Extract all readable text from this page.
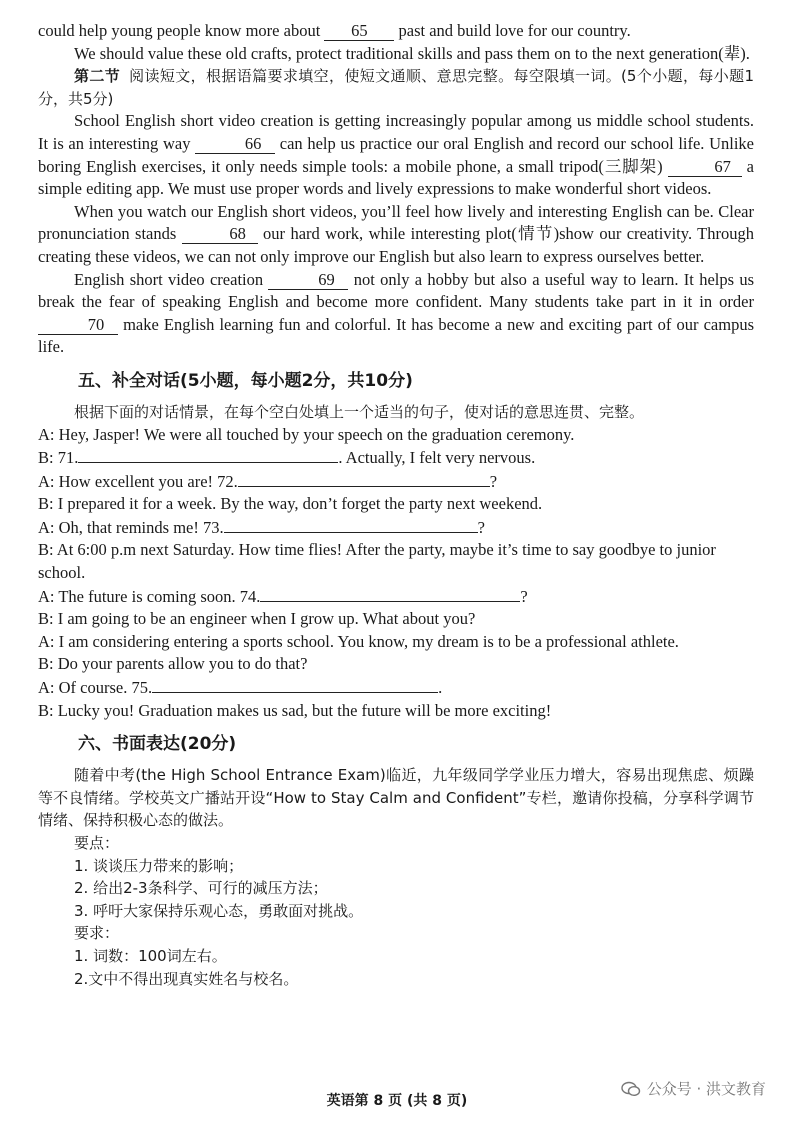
could help young people know more about 65 past and build love for our country.

We should value these old crafts, protect traditional skills and pass them on to the next generation(辈).

第二节 阅读短文，根据语篇要求填空，使短文通顺、意思完整。每空限填一词。(5个小题，每小题1分，共5分)

School English short video creation is getting increasingly popular among us middle school students. It is an interesting way	66 can help us practice our oral English and record our school life. Unlike boring English exercises, it only needs simple tools: a mobile phone, a small tripod(三脚架)	67 a simple editing app. We must use proper words and lively expressions to make wonderful short videos.

When you watch our English short videos, you’ll feel how lively and interesting English can be. Clear pronunciation stands	68 our hard work, while interesting plot(情节)show our creativity. Through creating these videos, we can not only improve our English but also learn to express ourselves better.

English short video creation	69 not only a hobby but also a useful way to learn. It helps us break the fear of speaking English and become more confident. Many students take part in it in order 70 make English learning fun and colorful. It has become a new and exciting part of our campus life.

五、补全对话(5小题，每小题2分，共10分)

根据下面的对话情景，在每个空白处填上一个适当的句子，使对话的意思连贯、完整。

A: Hey, Jasper! We were all touched by your speech on the graduation ceremony.

B: 71.	. Actually, I felt very nervous.

A: How excellent you are! 72.	?

B: I prepared it for a week. By the way, don’t forget the party next weekend.

A: Oh, that reminds me! 73.	?

B: At 6:00 p.m next Saturday. How time flies! After the party, maybe it’s time to say goodbye to junior school.

A: The future is coming soon. 74.	?

B: I am going to be an engineer when I grow up. What about you?

A: I am considering entering a sports school. You know, my dream is to be a professional athlete.

B: Do your parents allow you to do that?

A: Of course. 75.	.

B: Lucky you! Graduation makes us sad, but the future will be more exciting!

六、书面表达(20分)

随着中考(the High School Entrance Exam)临近，九年级同学学业压力增大，容易出现焦虑、烦躁等不良情绪。学校英文广播站开设“How to Stay Calm and Confident”专栏，邀请你投稿，分享科学调节情绪、保持积极心态的做法。

要点：

1. 谈谈压力带来的影响；

2. 给出2-3条科学、可行的减压方法；

3. 呼吁大家保持乐观心态，勇敢面对挑战。

要求：

1. 词数：100词左右。

2.文中不得出现真实姓名与校名。

公众号 · 洪文教育
英语第 8 页 (共 8 页)
